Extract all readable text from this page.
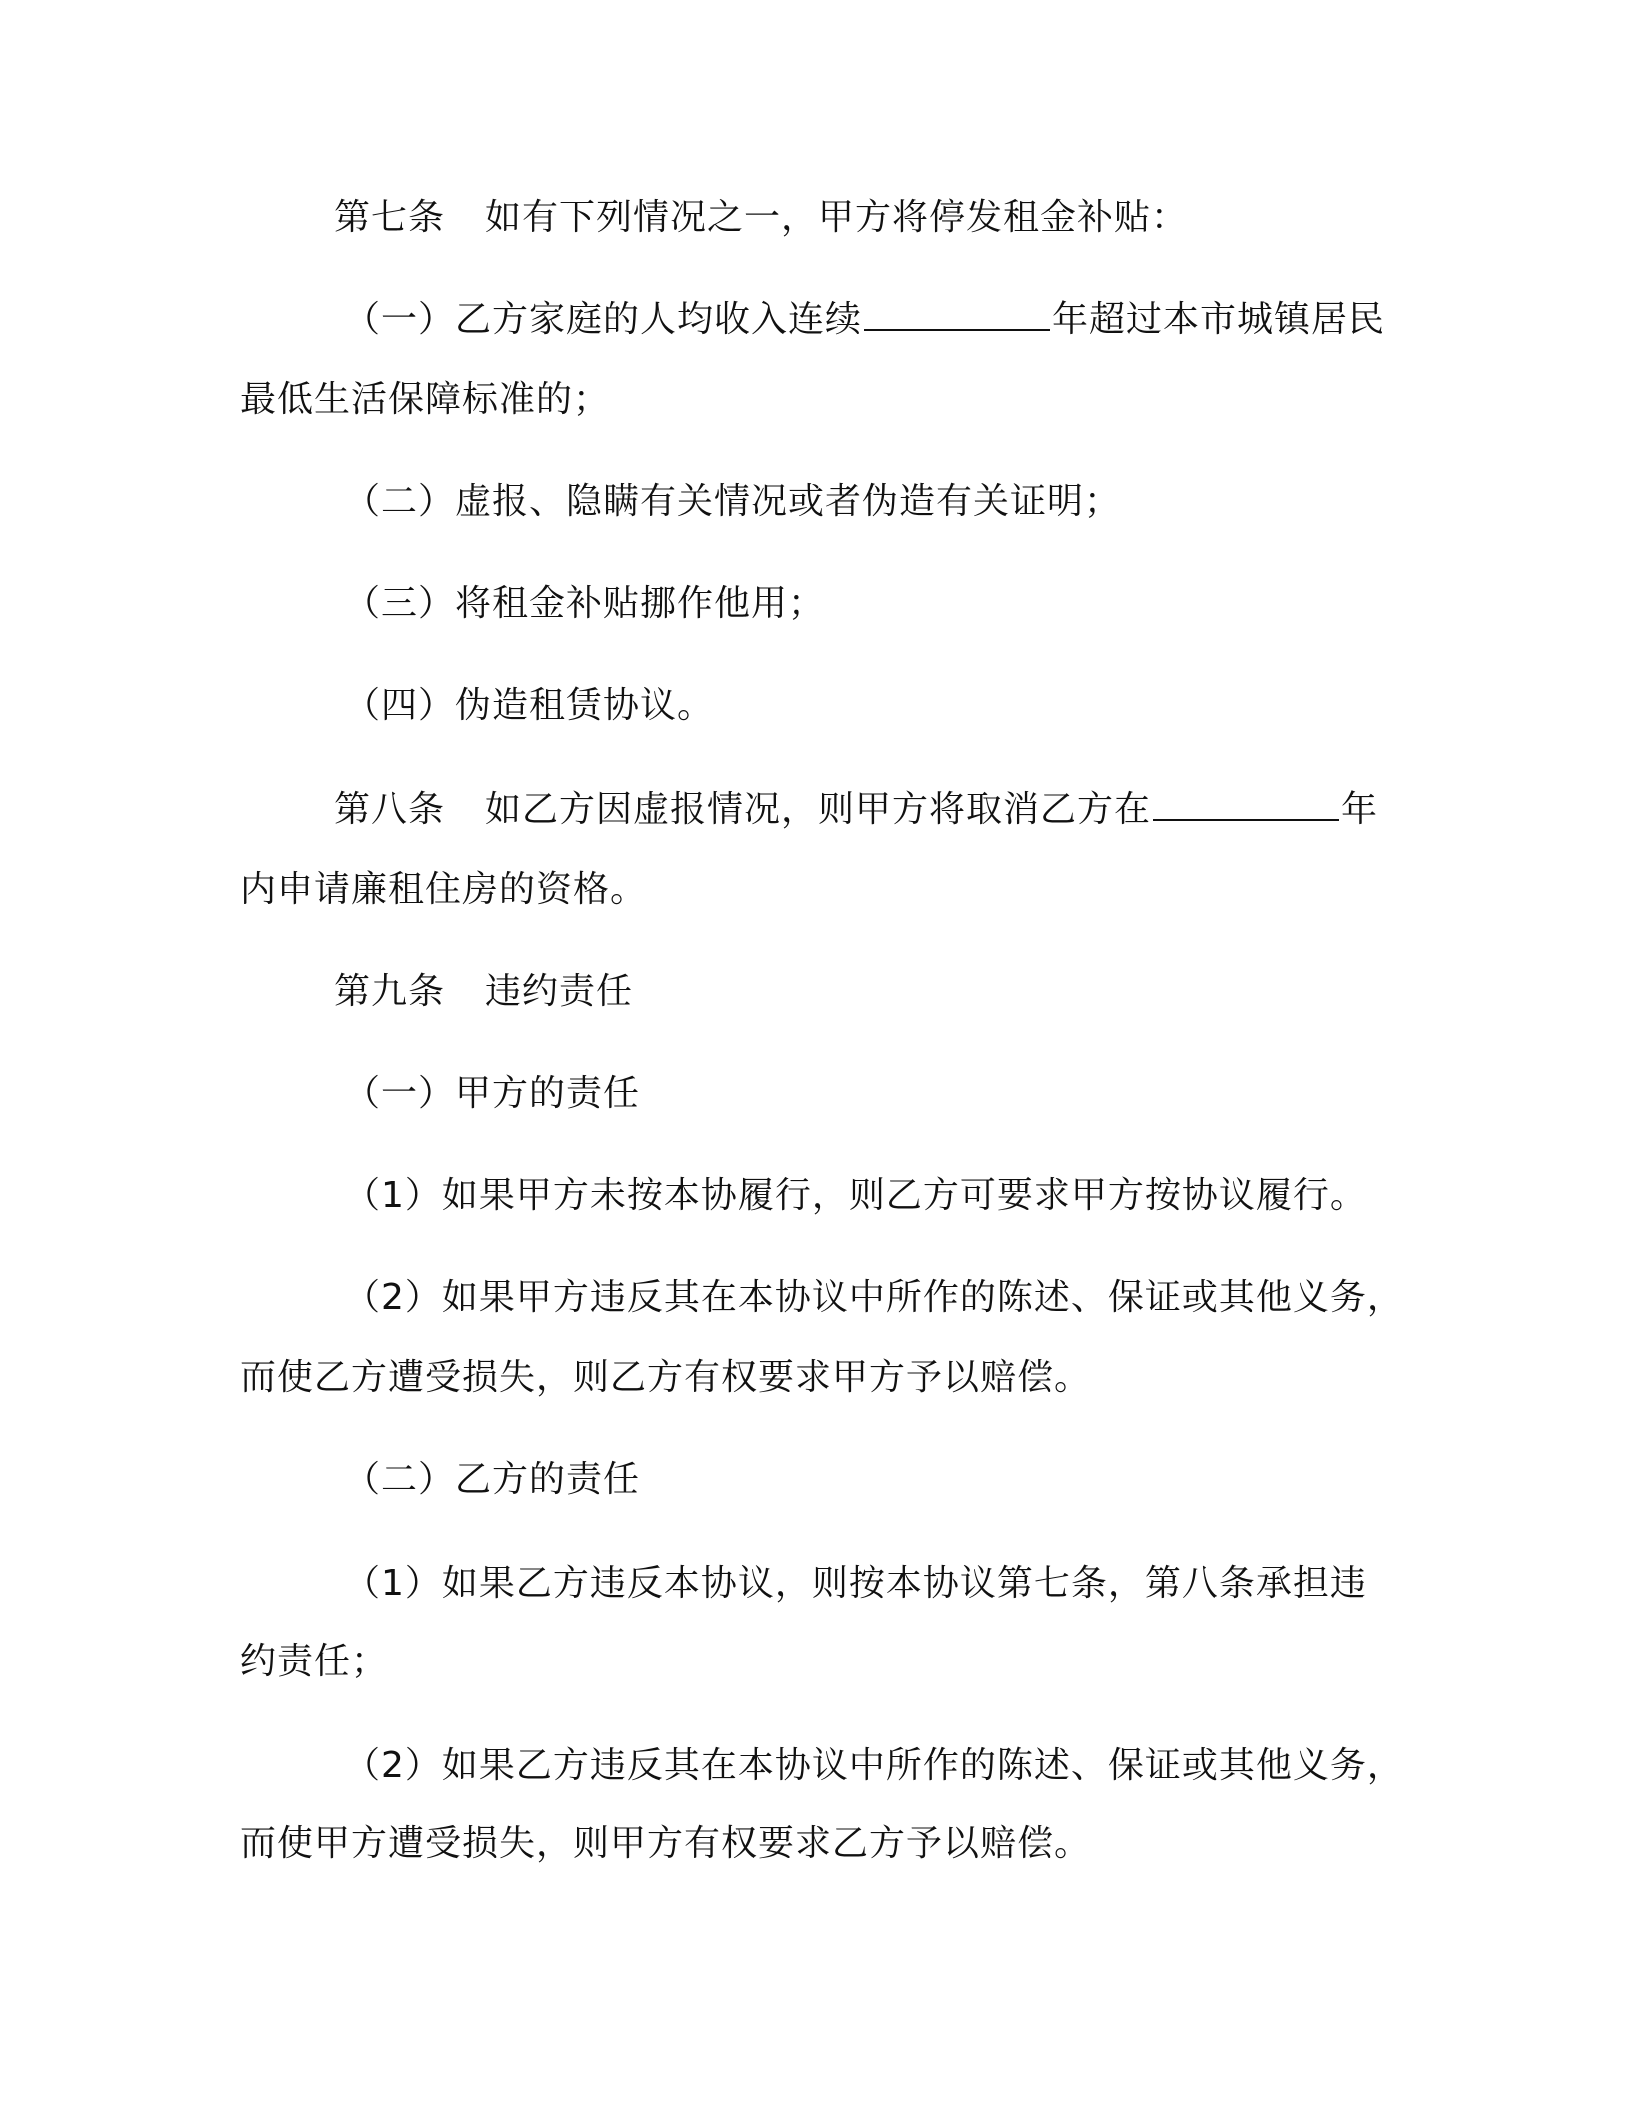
第七条 如有下列情况之一，甲方将停发租金补贴：
（一）乙方家庭的人均收入连续	年超过本市城镇居民
最低生活保障标准的；
（二）虚报、隐瞒有关情况或者伪造有关证明；
（三）将租金补贴挪作他用；
（四）伪造租赁协议。
第八条 如乙方因虚报情况，则甲方将取消乙方在	年
内申请廉租住房的资格。
第九条 违约责任
（一）甲方的责任
（1）如果甲方未按本协履行，则乙方可要求甲方按协议履行。
（2）如果甲方违反其在本协议中所作的陈述、保证或其他义务，
而使乙方遭受损失，则乙方有权要求甲方予以赔偿。
（二）乙方的责任
（1）如果乙方违反本协议，则按本协议第七条，第八条承担违
约责任；
（2）如果乙方违反其在本协议中所作的陈述、保证或其他义务，
而使甲方遭受损失，则甲方有权要求乙方予以赔偿。
